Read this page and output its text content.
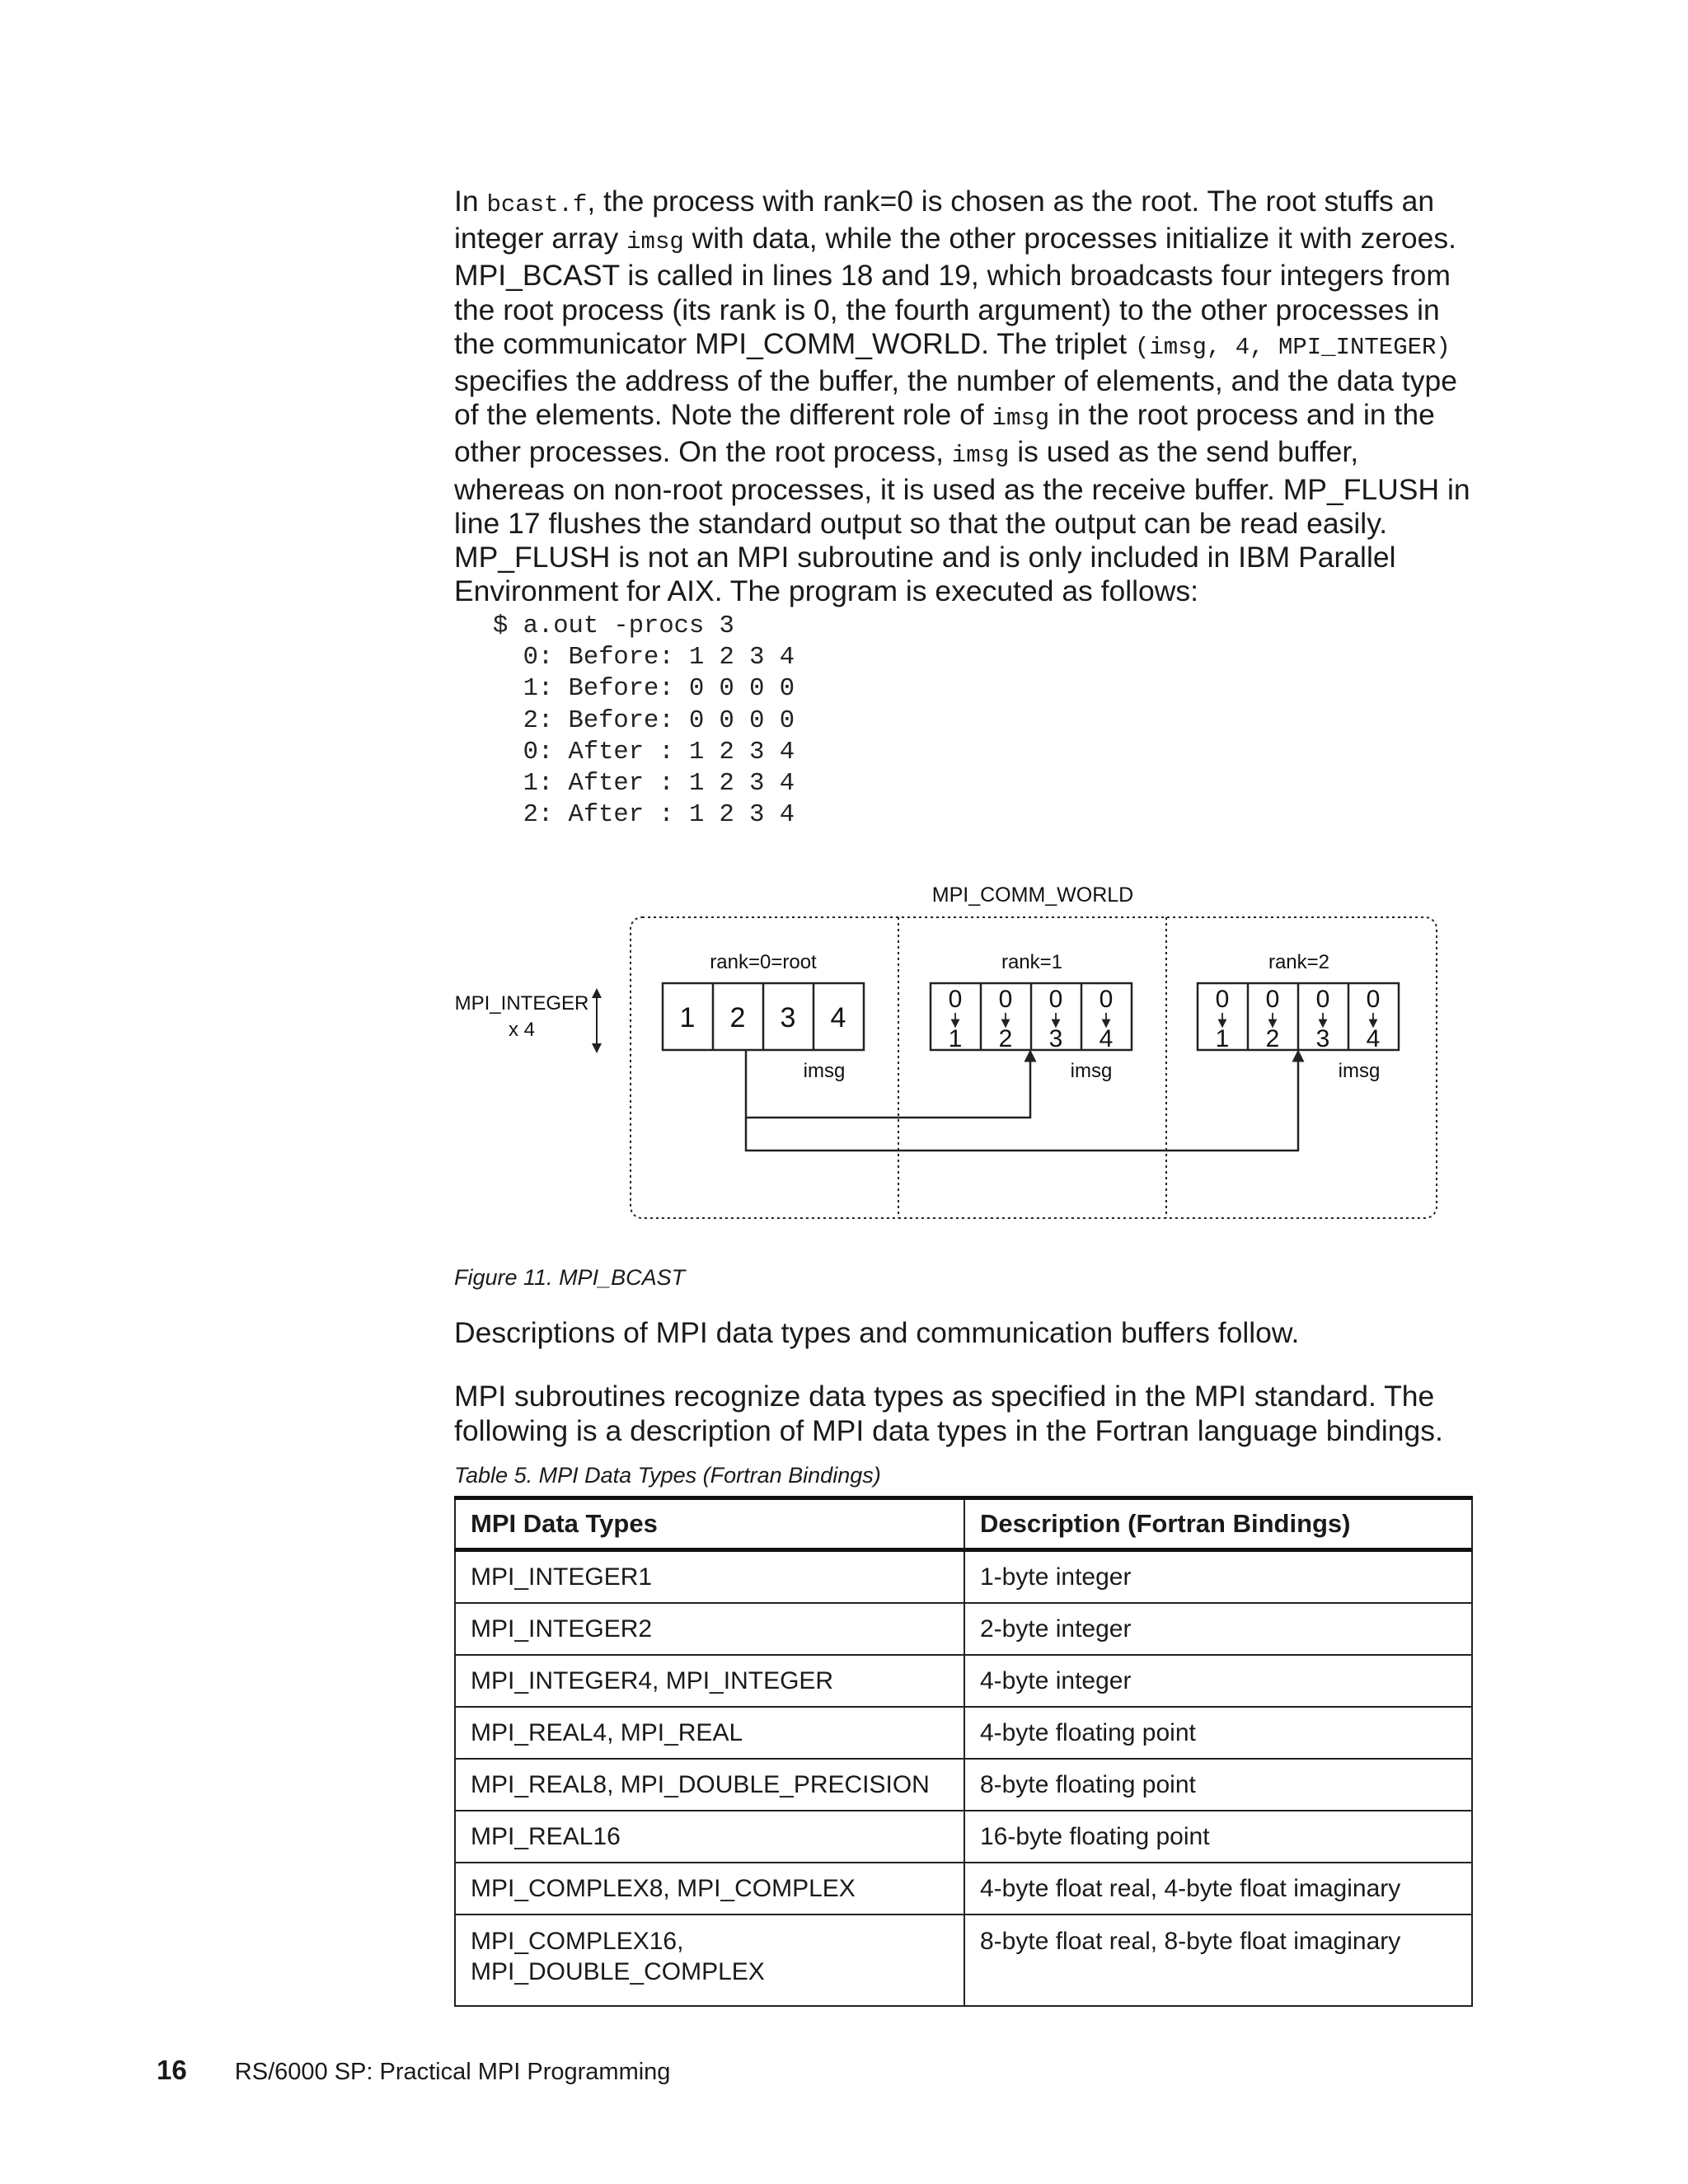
In bcast.f, the process with rank=0 is chosen as the root. The root stuffs an integer array imsg with data, while the other processes initialize it with zeroes. MPI_BCAST is called in lines 18 and 19, which broadcasts four integers from the root process (its rank is 0, the fourth argument) to the other processes in the communicator MPI_COMM_WORLD. The triplet (imsg, 4, MPI_INTEGER) specifies the address of the buffer, the number of elements, and the data type of the elements. Note the different role of imsg in the root process and in the other processes. On the root process, imsg is used as the send buffer, whereas on non-root processes, it is used as the receive buffer. MP_FLUSH in line 17 flushes the standard output so that the output can be read easily. MP_FLUSH is not an MPI subroutine and is only included in IBM Parallel Environment for AIX. The program is executed as follows:

$ a.out -procs 3
0: Before: 1 2 3 4
1: Before: 0 0 0 0
2: Before: 0 0 0 0
0: After : 1 2 3 4
1: After : 1 2 3 4
2: After : 1 2 3 4
MPI_COMM_WORLD
MPI_INTEGER
x 4
rank=0=root	rank=1	rank=2
1 2 3 4
0 0 0 0
1 2 3 4
0 0 0 0
1 2 3 4
imsg	imsg	imsg

Figure 11. MPI_BCAST

Descriptions of MPI data types and communication buffers follow.

MPI subroutines recognize data types as specified in the MPI standard. The following is a description of MPI data types in the Fortran language bindings.

Table 5. MPI Data Types (Fortran Bindings)

MPI Data Types	Description (Fortran Bindings)
MPI_INTEGER1	1-byte integer
MPI_INTEGER2	2-byte integer
MPI_INTEGER4, MPI_INTEGER	4-byte integer
MPI_REAL4, MPI_REAL	4-byte floating point
MPI_REAL8, MPI_DOUBLE_PRECISION	8-byte floating point
MPI_REAL16	16-byte floating point
MPI_COMPLEX8, MPI_COMPLEX	4-byte float real, 4-byte float imaginary
MPI_COMPLEX16,
MPI_DOUBLE_COMPLEX	8-byte float real, 8-byte float imaginary
16 RS/6000 SP: Practical MPI Programming
